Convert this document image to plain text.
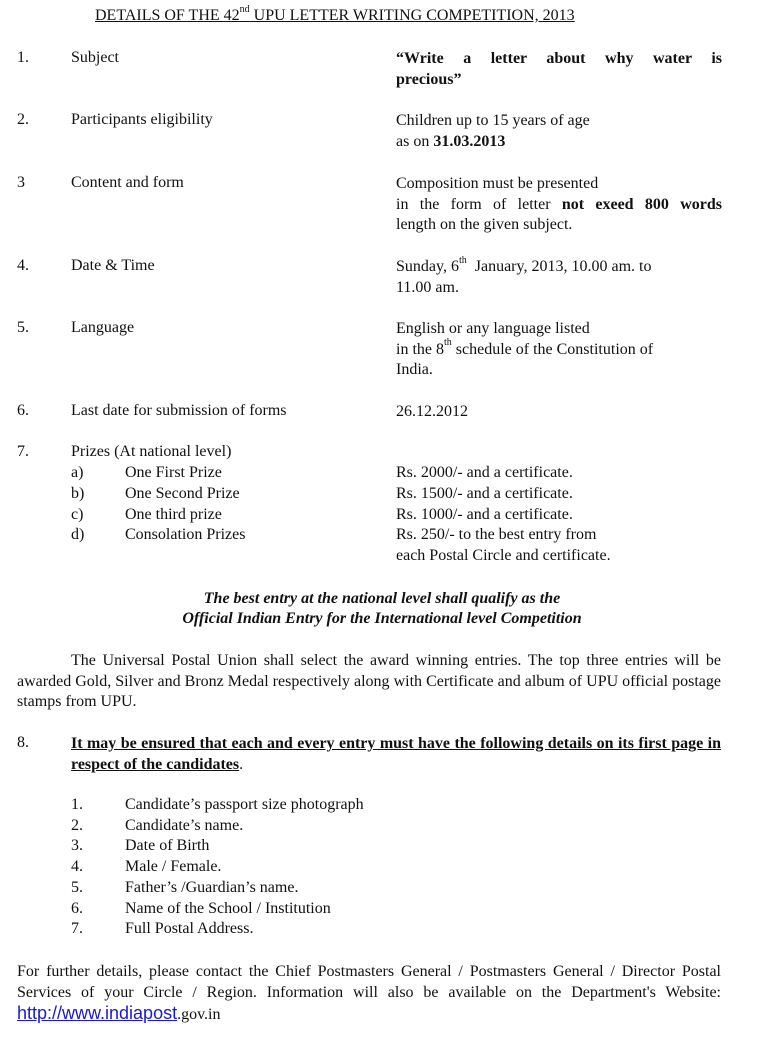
DETAILS OF THE 42nd UPU LETTER WRITING COMPETITION, 2013
1.	Subject	“Write a letter about why water is
precious”
2.	Participants eligibility	Children up to 15 years of age
as on 31.03.2013
3	Content and form	Composition must be presented
in the form of letter not exeed 800 words
length on the given subject.
4.	Date & Time	Sunday, 6th  January, 2013, 10.00 am. to
11.00 am.
5.	Language	English or any language listed
in the 8th schedule of the Constitution of
India.
6.	Last date for submission of forms	26.12.2012
7.	Prizes (At national level)
a)	One First Prize	Rs. 2000/- and a certificate.
b)	One Second Prize	Rs. 1500/- and a certificate.
c)	One third prize	Rs. 1000/- and a certificate.
d)	Consolation Prizes	Rs. 250/- to the best entry from
each Postal Circle and certificate.
The best entry at the national level shall qualify as the
Official Indian Entry for the International level Competition
The Universal Postal Union shall select the award winning entries. The top three entries will be awarded Gold, Silver and Bronz Medal respectively along with Certificate and album of UPU official postage stamps from UPU.
8.	It may be ensured that each and every entry must have the following details on its first page in respect of the candidates.
1.	Candidate’s passport size photograph
2.	Candidate’s name.
3.	Date of Birth
4.	Male / Female.
5.	Father’s /Guardian’s name.
6.	Name of the School / Institution
7.	Full Postal Address.
For further details, please contact the Chief Postmasters General / Postmasters General / Director Postal Services of your Circle / Region. Information will also be available on the Department's Website: http://www.indiapost.gov.in
